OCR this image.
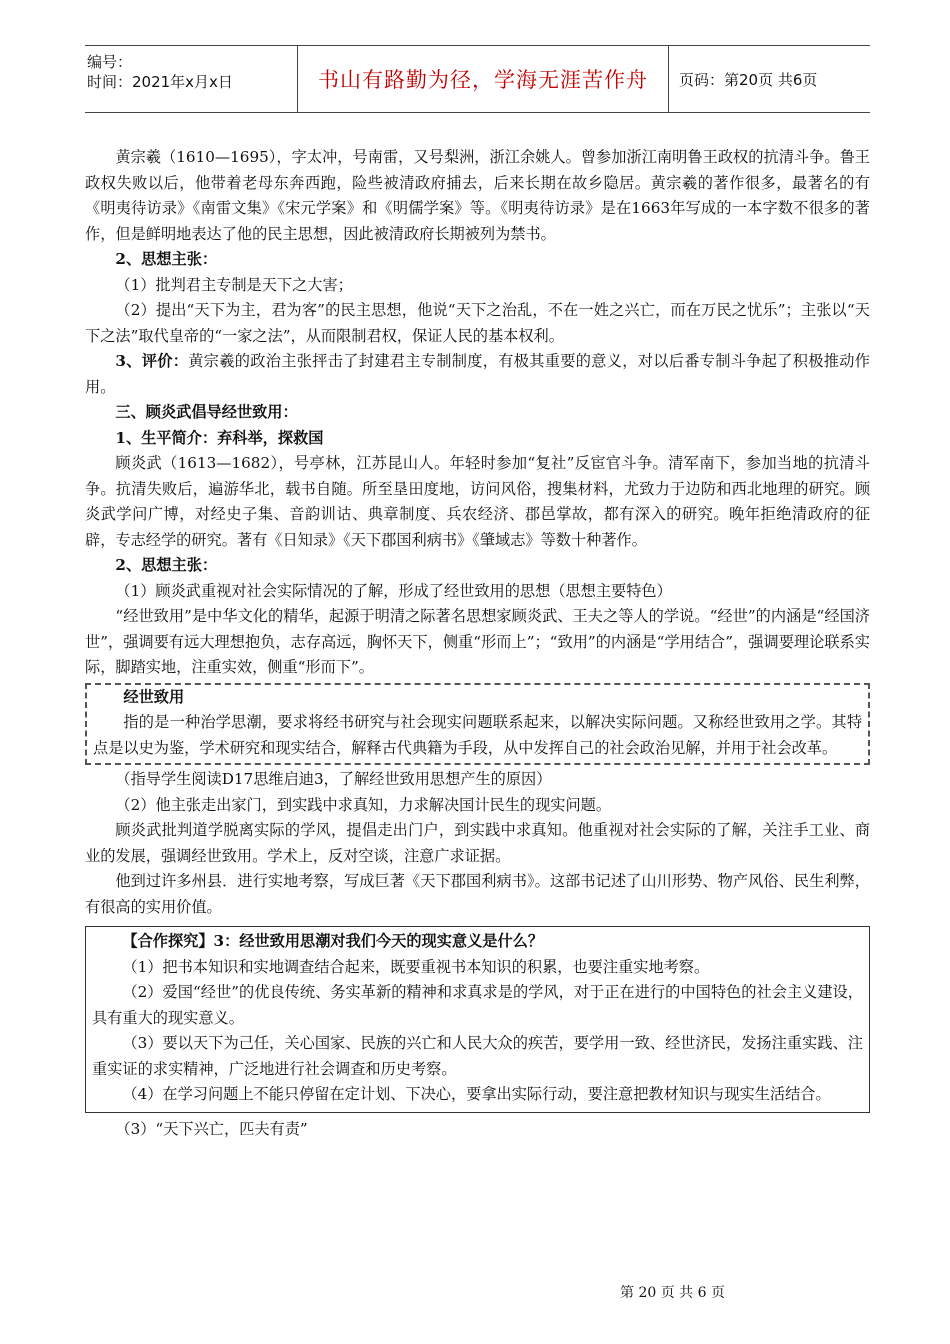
编号：
时间：2021年x月x日	书山有路勤为径，学海无涯苦作舟	页码：第20页 共6页

黄宗羲（1610—1695），字太冲，号南雷，又号梨洲，浙江余姚人。曾参加浙江南明鲁王政权的抗清斗争。鲁王政权失败以后，他带着老母东奔西跑，险些被清政府捕去，后来长期在故乡隐居。黄宗羲的著作很多，最著名的有《明夷待访录》《南雷文集》《宋元学案》和《明儒学案》等。《明夷待访录》是在1663年写成的一本字数不很多的著作，但是鲜明地表达了他的民主思想，因此被清政府长期被列为禁书。

2、思想主张：

（1）批判君主专制是天下之大害；

（2）提出“天下为主，君为客”的民主思想，他说“天下之治乱，不在一姓之兴亡，而在万民之忧乐”；主张以“天下之法”取代皇帝的“一家之法”，从而限制君权，保证人民的基本权利。

3、评价：黄宗羲的政治主张抨击了封建君主专制制度，有极其重要的意义，对以后番专制斗争起了积极推动作用。

三、顾炎武倡导经世致用：

1、生平简介：弃科举，探救国

顾炎武（1613—1682），号亭林，江苏昆山人。年轻时参加“复社”反宦官斗争。清军南下，参加当地的抗清斗争。抗清失败后，遍游华北，载书自随。所至垦田度地，访问风俗，搜集材料，尤致力于边防和西北地理的研究。顾炎武学问广博，对经史子集、音韵训诂、典章制度、兵农经济、郡邑掌故，都有深入的研究。晚年拒绝清政府的征辟，专志经学的研究。著有《日知录》《天下郡国利病书》《肇域志》等数十种著作。

2、思想主张：

（1）顾炎武重视对社会实际情况的了解，形成了经世致用的思想（思想主要特色）

“经世致用”是中华文化的精华，起源于明清之际著名思想家顾炎武、王夫之等人的学说。“经世”的内涵是“经国济世”，强调要有远大理想抱负，志存高远，胸怀天下，侧重“形而上”；“致用”的内涵是“学用结合”，强调要理论联系实际，脚踏实地，注重实效，侧重“形而下”。

经世致用

指的是一种治学思潮，要求将经书研究与社会现实问题联系起来，以解决实际问题。又称经世致用之学。其特点是以史为鉴，学术研究和现实结合，解释古代典籍为手段，从中发挥自己的社会政治见解，并用于社会改革。

（指导学生阅读D17思维启迪3，了解经世致用思想产生的原因）

（2）他主张走出家门，到实践中求真知，力求解决国计民生的现实问题。

顾炎武批判道学脱离实际的学风，提倡走出门户，到实践中求真知。他重视对社会实际的了解，关注手工业、商业的发展，强调经世致用。学术上，反对空谈，注意广求证据。

他到过许多州县．进行实地考察，写成巨著《天下郡国利病书》。这部书记述了山川形势、物产风俗、民生利弊，有很高的实用价值。

【合作探究】3：经世致用思潮对我们今天的现实意义是什么？

（1）把书本知识和实地调查结合起来，既要重视书本知识的积累，也要注重实地考察。

（2）爱国“经世”的优良传统、务实革新的精神和求真求是的学风，对于正在进行的中国特色的社会主义建设，具有重大的现实意义。

（3）要以天下为己任，关心国家、民族的兴亡和人民大众的疾苦，要学用一致、经世济民，发扬注重实践、注重实证的求实精神，广泛地进行社会调查和历史考察。

（4）在学习问题上不能只停留在定计划、下决心，要拿出实际行动，要注意把教材知识与现实生活结合。

（3）“天下兴亡，匹夫有责”

第 20 页 共 6 页
